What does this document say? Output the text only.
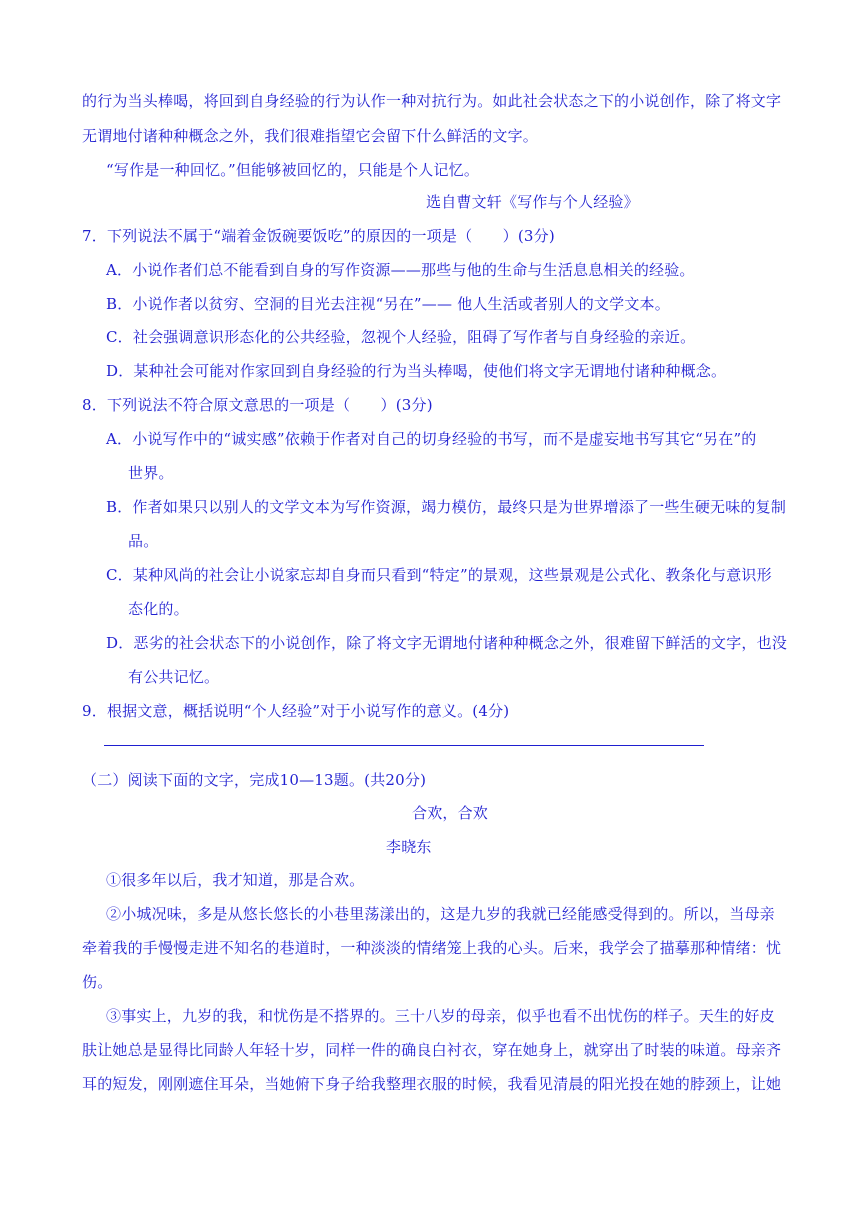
的行为当头棒喝，将回到自身经验的行为认作一种对抗行为。如此社会状态之下的小说创作，除了将文字
无谓地付诸种种概念之外，我们很难指望它会留下什么鲜活的文字。
“写作是一种回忆。”但能够被回忆的，只能是个人记忆。
选自曹文轩《写作与个人经验》
7．下列说法不属于“端着金饭碗要饭吃”的原因的一项是（　　）(3分)
A．小说作者们总不能看到自身的写作资源——那些与他的生命与生活息息相关的经验。
B．小说作者以贫穷、空洞的目光去注视“另在”—— 他人生活或者别人的文学文本。
C．社会强调意识形态化的公共经验，忽视个人经验，阻碍了写作者与自身经验的亲近。
D．某种社会可能对作家回到自身经验的行为当头棒喝，使他们将文字无谓地付诸种种概念。
8．下列说法不符合原文意思的一项是（　　）(3分)
A．小说写作中的“诚实感”依赖于作者对自己的切身经验的书写，而不是虚妄地书写其它“另在”的
世界。
B．作者如果只以别人的文学文本为写作资源，竭力模仿，最终只是为世界增添了一些生硬无味的复制
品。
C．某种风尚的社会让小说家忘却自身而只看到“特定”的景观，这些景观是公式化、教条化与意识形
态化的。
D．恶劣的社会状态下的小说创作，除了将文字无谓地付诸种种概念之外，很难留下鲜活的文字，也没
有公共记忆。
9．根据文意，概括说明“个人经验”对于小说写作的意义。(4分)
（二）阅读下面的文字，完成10—13题。(共20分)
合欢，合欢
李晓东
①很多年以后，我才知道，那是合欢。
②小城况味，多是从悠长悠长的小巷里荡漾出的，这是九岁的我就已经能感受得到的。所以，当母亲
牵着我的手慢慢走进不知名的巷道时，一种淡淡的情绪笼上我的心头。后来，我学会了描摹那种情绪：忧
伤。
③事实上，九岁的我，和忧伤是不搭界的。三十八岁的母亲，似乎也看不出忧伤的样子。天生的好皮
肤让她总是显得比同龄人年轻十岁，同样一件的确良白衬衣，穿在她身上，就穿出了时装的味道。母亲齐
耳的短发，刚刚遮住耳朵，当她俯下身子给我整理衣服的时候，我看见清晨的阳光投在她的脖颈上，让她
